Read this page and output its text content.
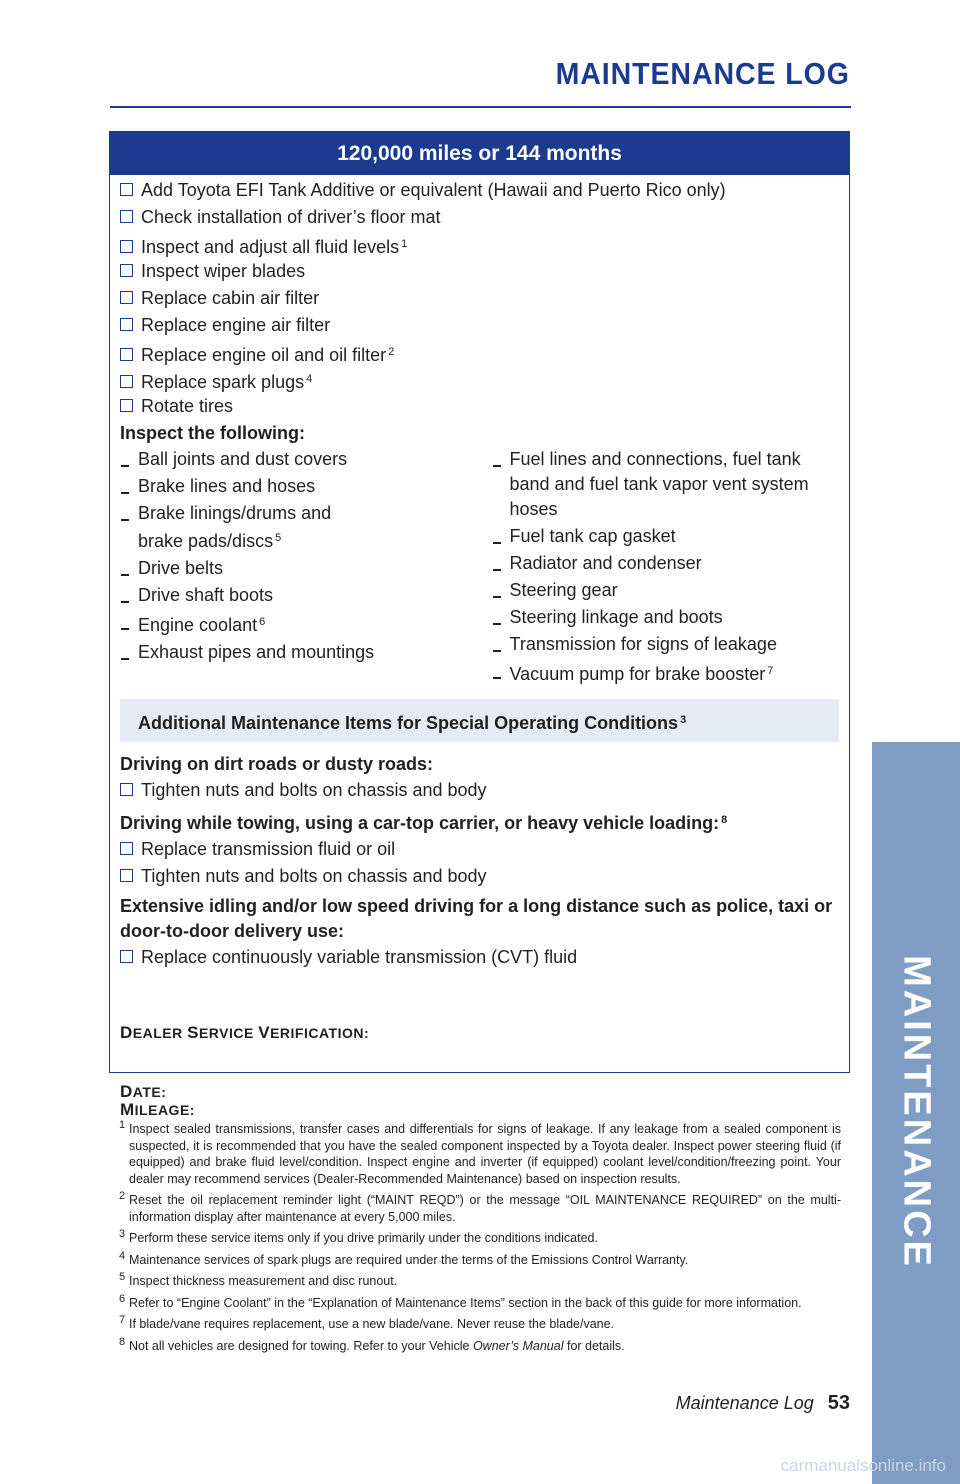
MAINTENANCE LOG
MAINTENANCE
120,000 miles or 144 months
Add Toyota EFI Tank Additive or equivalent (Hawaii and Puerto Rico only)
Check installation of driver’s floor mat
Inspect and adjust all fluid levels $^1$
Inspect wiper blades
Replace cabin air filter
Replace engine air filter
Replace engine oil and oil filter $^2$
Replace spark plugs $^4$
Rotate tires
Inspect the following:
Ball joints and dust covers
Brake lines and hoses
Brake linings/drums and brake pads/discs $^5$
Drive belts
Drive shaft boots
Engine coolant $^6$
Exhaust pipes and mountings
Fuel lines and connections, fuel tank band and fuel tank vapor vent system hoses
Fuel tank cap gasket
Radiator and condenser
Steering gear
Steering linkage and boots
Transmission for signs of leakage
Vacuum pump for brake booster $^7$
Additional Maintenance Items for Special Operating Conditions $^3$
Driving on dirt roads or dusty roads:
Tighten nuts and bolts on chassis and body
Driving while towing, using a car-top carrier, or heavy vehicle loading: $^8$
Replace transmission fluid or oil
Tighten nuts and bolts on chassis and body
Extensive idling and/or low speed driving for a long distance such as police, taxi or door-to-door delivery use:
Replace continuously variable transmission (CVT) fluid
DEALER SERVICE VERIFICATION:
DATE:
MILEAGE:
1 Inspect sealed transmissions, transfer cases and differentials for signs of leakage. If any leakage from a sealed component is suspected, it is recommended that you have the sealed component inspected by a Toyota dealer. Inspect power steering fluid (if equipped) and brake fluid level/condition. Inspect engine and inverter (if equipped) coolant level/condition/freezing point. Your dealer may recommend services (Dealer-Recommended Maintenance) based on inspection results.
2 Reset the oil replacement reminder light (“MAINT REQD”) or the message “OIL MAINTENANCE REQUIRED” on the multi-information display after maintenance at every 5,000 miles.
3 Perform these service items only if you drive primarily under the conditions indicated.
4 Maintenance services of spark plugs are required under the terms of the Emissions Control Warranty.
5 Inspect thickness measurement and disc runout.
6 Refer to “Engine Coolant” in the “Explanation of Maintenance Items” section in the back of this guide for more information.
7 If blade/vane requires replacement, use a new blade/vane. Never reuse the blade/vane.
8 Not all vehicles are designed for towing. Refer to your Vehicle Owner’s Manual for details.
Maintenance Log 53
carmanualsonline.info
